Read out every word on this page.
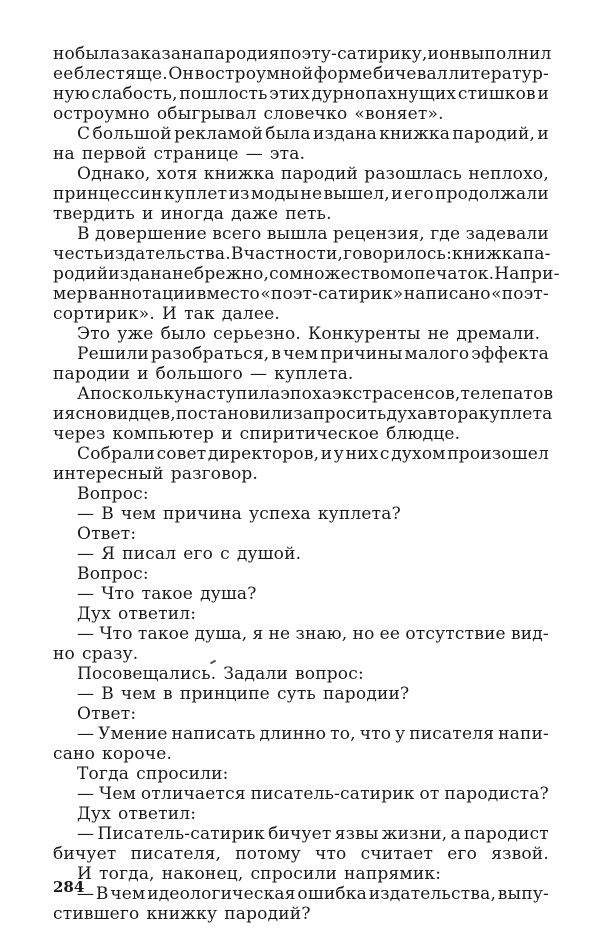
но была заказана пародия поэту-сатирику, и он выполнил
ее блестяще. Он в остроумной форме бичевал литератур-
ную слабость, пошлость этих дурнопахнущих стишков и
остроумно обыгрывал словечко «воняет».
С большой рекламой была издана книжка пародий, и
на первой странице — эта.
Однако, хотя книжка пародий разошлась неплохо,
принцессин куплет из моды не вышел, и его продолжали
твердить и иногда даже петь.
В довершение всего вышла рецензия, где задевали
честь издательства. В частности, говорилось: книжка па-
родий издана небрежно, со множеством опечаток. Напри-
мер в аннотации вместо «поэт-сатирик» написано «поэт-
сортирик». И так далее.
Это уже было серьезно. Конкуренты не дремали.
Решили разобраться, в чем причины малого эффекта
пародии и большого — куплета.
А поскольку наступила эпоха экстрасенсов, телепатов
и ясновидцев, постановили запросить дух автора куплета
через компьютер и спиритическое блюдце.
Собрали совет директоров, и у них с духом произошел
интересный разговор.
Вопрос:
— В чем причина успеха куплета?
Ответ:
— Я писал его с душой.
Вопрос:
— Что такое душа?
Дух ответил:
— Что такое душа, я не знаю, но ее отсутствие вид-
но сразу.
Посовещались. Задали вопрос:
— В чем в принципе суть пародии?
Ответ:
— Умение написать длинно то, что у писателя напи-
сано короче.
Тогда спросили:
— Чем отличается писатель-сатирик от пародиста?
Дух ответил:
— Писатель-сатирик бичует язвы жизни, а пародист
бичует писателя, потому что считает его язвой.
И тогда, наконец, спросили напрямик:
— В чем идеологическая ошибка издательства, выпу-
стившего книжку пародий?
284
